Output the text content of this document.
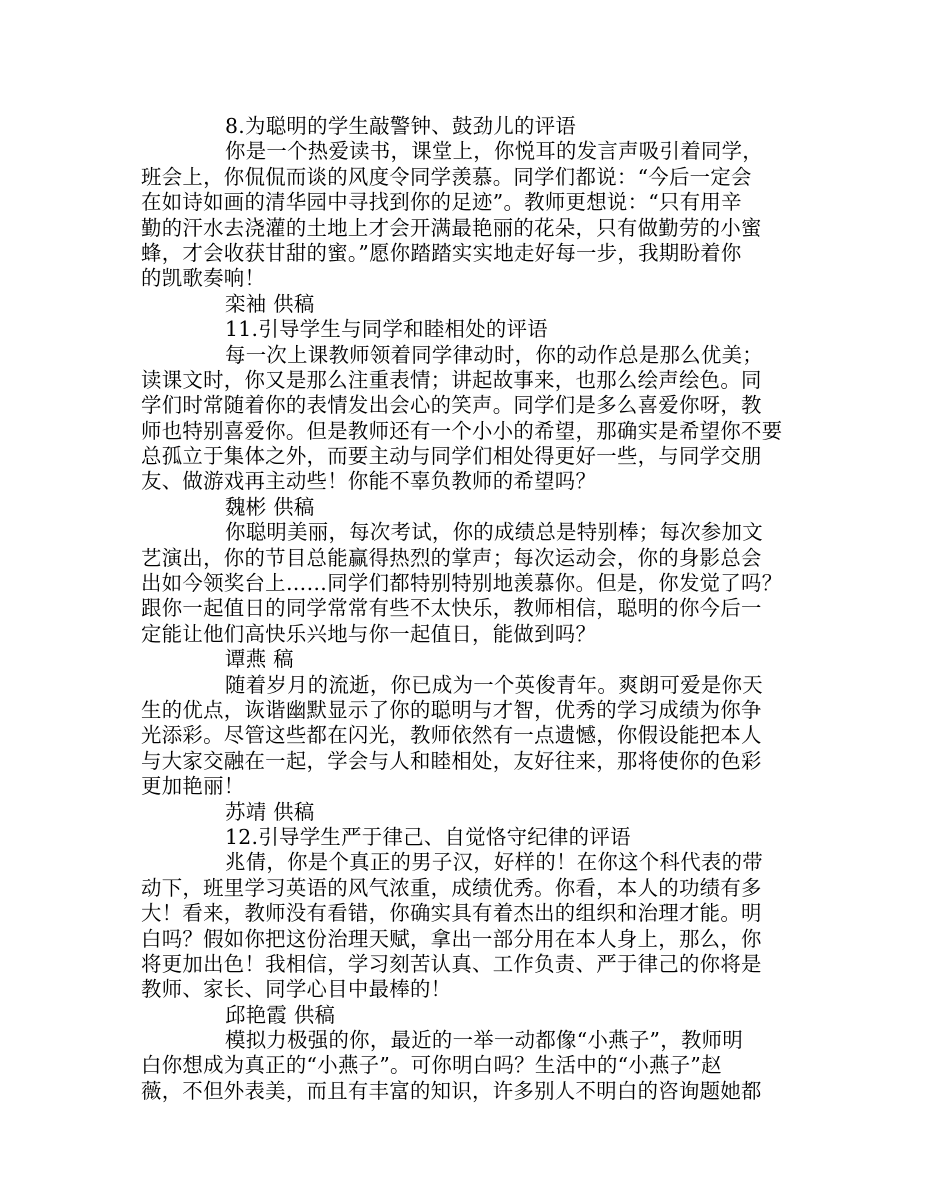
8.为聪明的学生敲警钟、鼓劲儿的评语
你是一个热爱读书，课堂上，你悦耳的发言声吸引着同学，
班会上，你侃侃而谈的风度令同学羡慕。同学们都说：“今后一定会
在如诗如画的清华园中寻找到你的足迹”。教师更想说：“只有用辛
勤的汗水去浇灌的土地上才会开满最艳丽的花朵，只有做勤劳的小蜜
蜂，才会收获甘甜的蜜。”愿你踏踏实实地走好每一步，我期盼着你
的凯歌奏响！
栾袖 供稿
11.引导学生与同学和睦相处的评语
每一次上课教师领着同学律动时，你的动作总是那么优美；
读课文时，你又是那么注重表情；讲起故事来，也那么绘声绘色。同
学们时常随着你的表情发出会心的笑声。同学们是多么喜爱你呀，教
师也特别喜爱你。但是教师还有一个小小的希望，那确实是希望你不要
总孤立于集体之外，而要主动与同学们相处得更好一些，与同学交朋
友、做游戏再主动些！你能不辜负教师的希望吗？
魏彬 供稿
你聪明美丽，每次考试，你的成绩总是特别棒；每次参加文
艺演出，你的节目总能赢得热烈的掌声；每次运动会，你的身影总会
出如今领奖台上……同学们都特别特别地羡慕你。但是，你发觉了吗？
跟你一起值日的同学常常有些不太快乐，教师相信，聪明的你今后一
定能让他们高快乐兴地与你一起值日，能做到吗？
谭燕 稿
随着岁月的流逝，你已成为一个英俊青年。爽朗可爱是你天
生的优点，诙谐幽默显示了你的聪明与才智，优秀的学习成绩为你争
光添彩。尽管这些都在闪光，教师依然有一点遗憾，你假设能把本人
与大家交融在一起，学会与人和睦相处，友好往来，那将使你的色彩
更加艳丽！
苏靖 供稿
12.引导学生严于律己、自觉恪守纪律的评语
兆倩，你是个真正的男子汉，好样的！在你这个科代表的带
动下，班里学习英语的风气浓重，成绩优秀。你看，本人的功绩有多
大！看来，教师没有看错，你确实具有着杰出的组织和治理才能。明
白吗？假如你把这份治理天赋，拿出一部分用在本人身上，那么，你
将更加出色！我相信，学习刻苦认真、工作负责、严于律己的你将是
教师、家长、同学心目中最棒的！
邱艳霞 供稿
模拟力极强的你，最近的一举一动都像“小燕子”，教师明
白你想成为真正的“小燕子”。可你明白吗？生活中的“小燕子”赵
薇，不但外表美，而且有丰富的知识，许多别人不明白的咨询题她都
